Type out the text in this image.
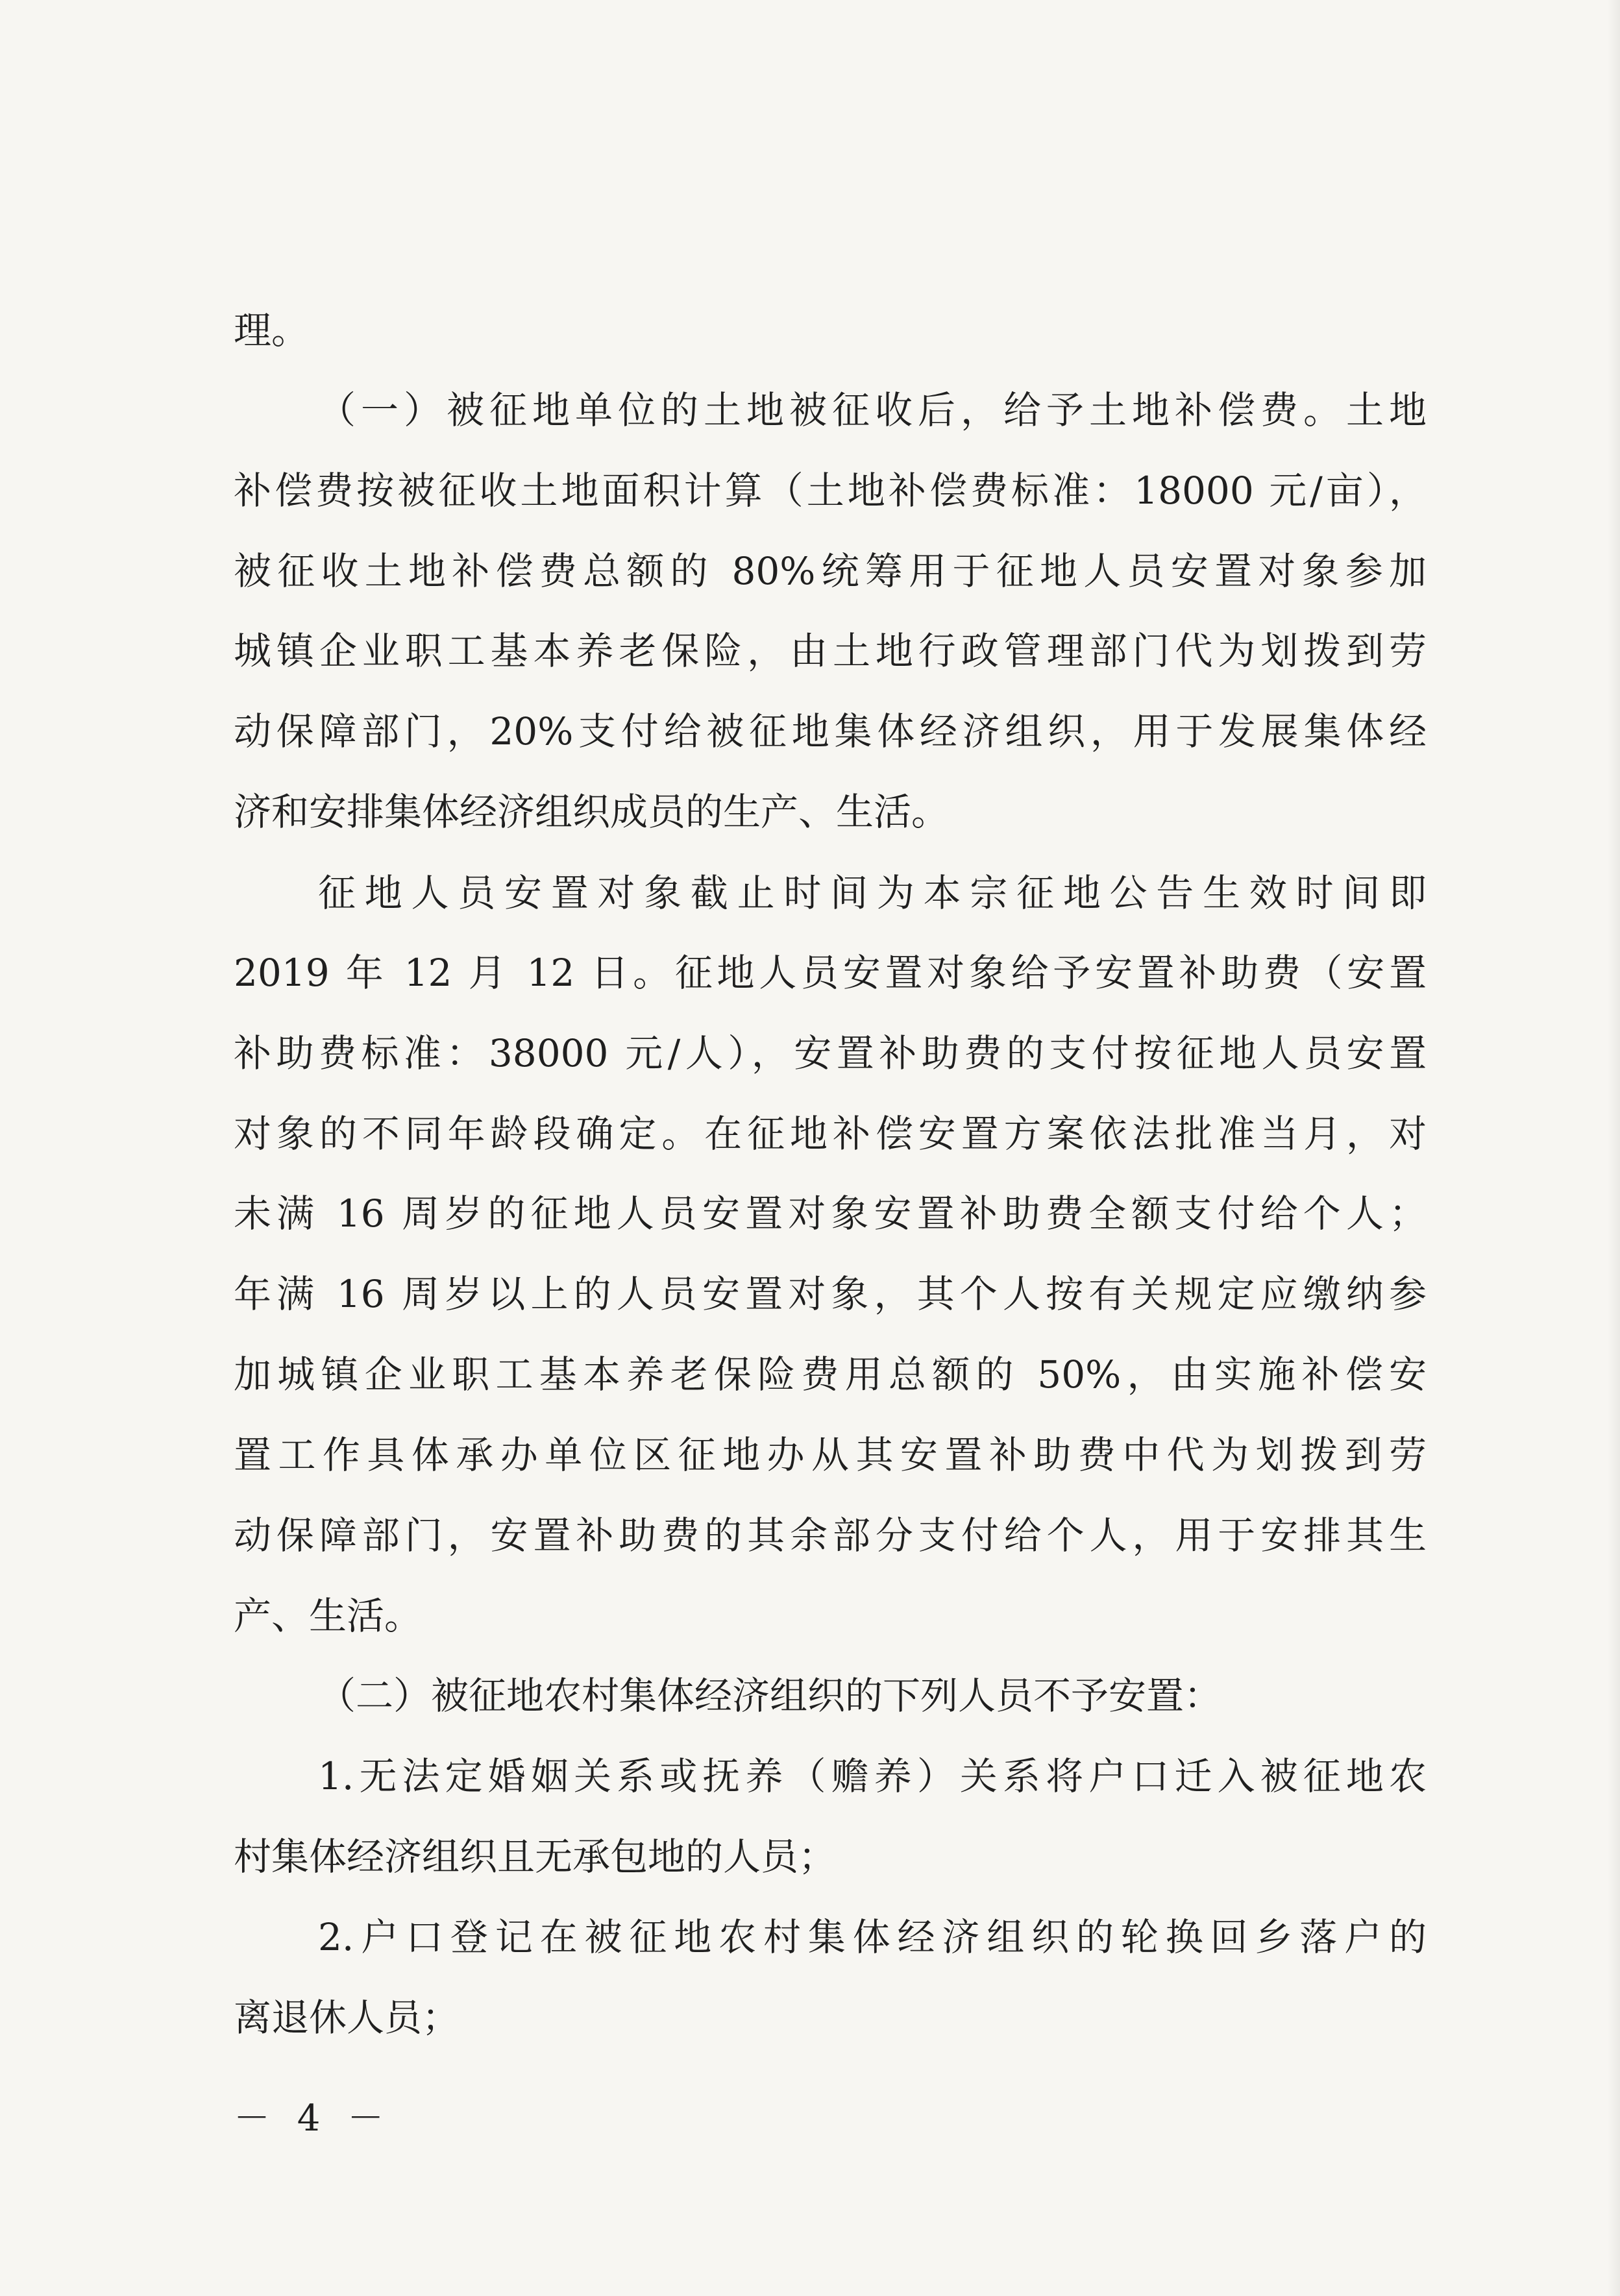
理。
（一）被征地单位的土地被征收后，给予土地补偿费。土地
补偿费按被征收土地面积计算（土地补偿费标准：18000 元/亩），
被征收土地补偿费总额的 80%统筹用于征地人员安置对象参加
城镇企业职工基本养老保险，由土地行政管理部门代为划拨到劳
动保障部门，20%支付给被征地集体经济组织，用于发展集体经
济和安排集体经济组织成员的生产、生活。
征地人员安置对象截止时间为本宗征地公告生效时间即
2019 年 12 月 12 日。征地人员安置对象给予安置补助费（安置
补助费标准：38000 元/人），安置补助费的支付按征地人员安置
对象的不同年龄段确定。在征地补偿安置方案依法批准当月，对
未满 16 周岁的征地人员安置对象安置补助费全额支付给个人；
年满 16 周岁以上的人员安置对象，其个人按有关规定应缴纳参
加城镇企业职工基本养老保险费用总额的 50%，由实施补偿安
置工作具体承办单位区征地办从其安置补助费中代为划拨到劳
动保障部门，安置补助费的其余部分支付给个人，用于安排其生
产、生活。
（二）被征地农村集体经济组织的下列人员不予安置：
1.无法定婚姻关系或抚养（赡养）关系将户口迁入被征地农
村集体经济组织且无承包地的人员；
2.户口登记在被征地农村集体经济组织的轮换回乡落户的
离退休人员；
－ 4 －
